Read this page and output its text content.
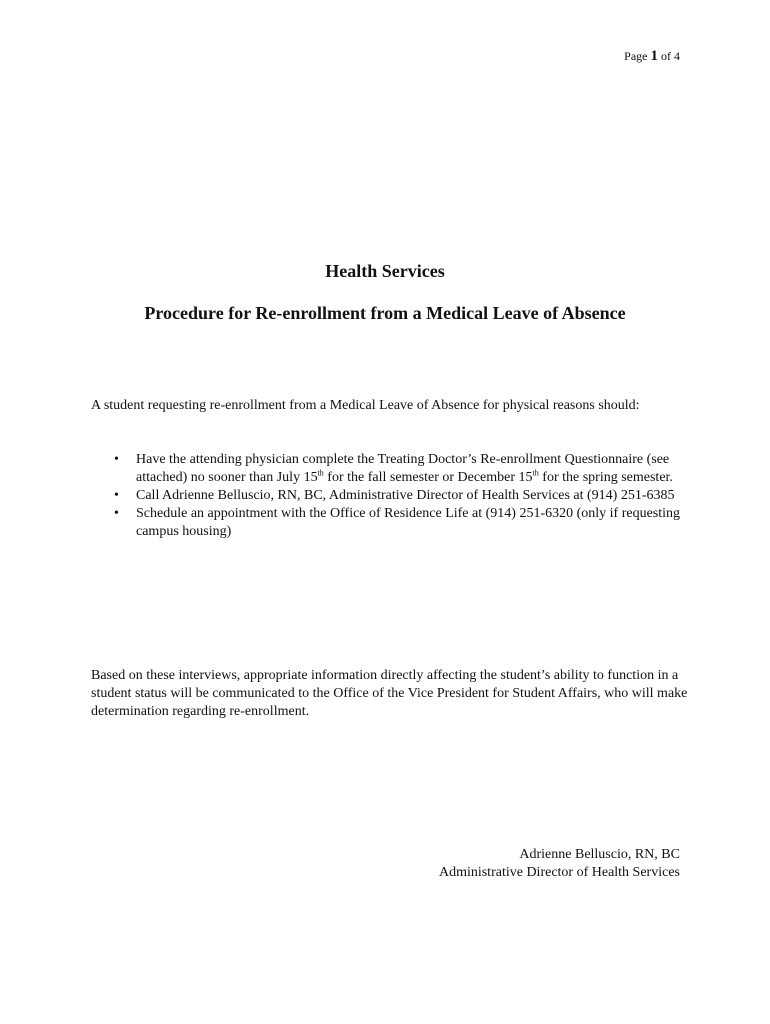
Page 1 of 4
Health Services
Procedure for Re-enrollment from a Medical Leave of Absence
A student requesting re-enrollment from a Medical Leave of Absence for physical reasons should:
• Have the attending physician complete the Treating Doctor’s Re-enrollment Questionnaire (see attached) no sooner than July 15th for the fall semester or December 15th for the spring semester.
• Call Adrienne Belluscio, RN, BC, Administrative Director of Health Services at (914) 251-6385
• Schedule an appointment with the Office of Residence Life at (914) 251-6320 (only if requesting campus housing)
Based on these interviews, appropriate information directly affecting the student’s ability to function in a student status will be communicated to the Office of the Vice President for Student Affairs, who will make determination regarding re-enrollment.
Adrienne Belluscio, RN, BC
Administrative Director of Health Services
